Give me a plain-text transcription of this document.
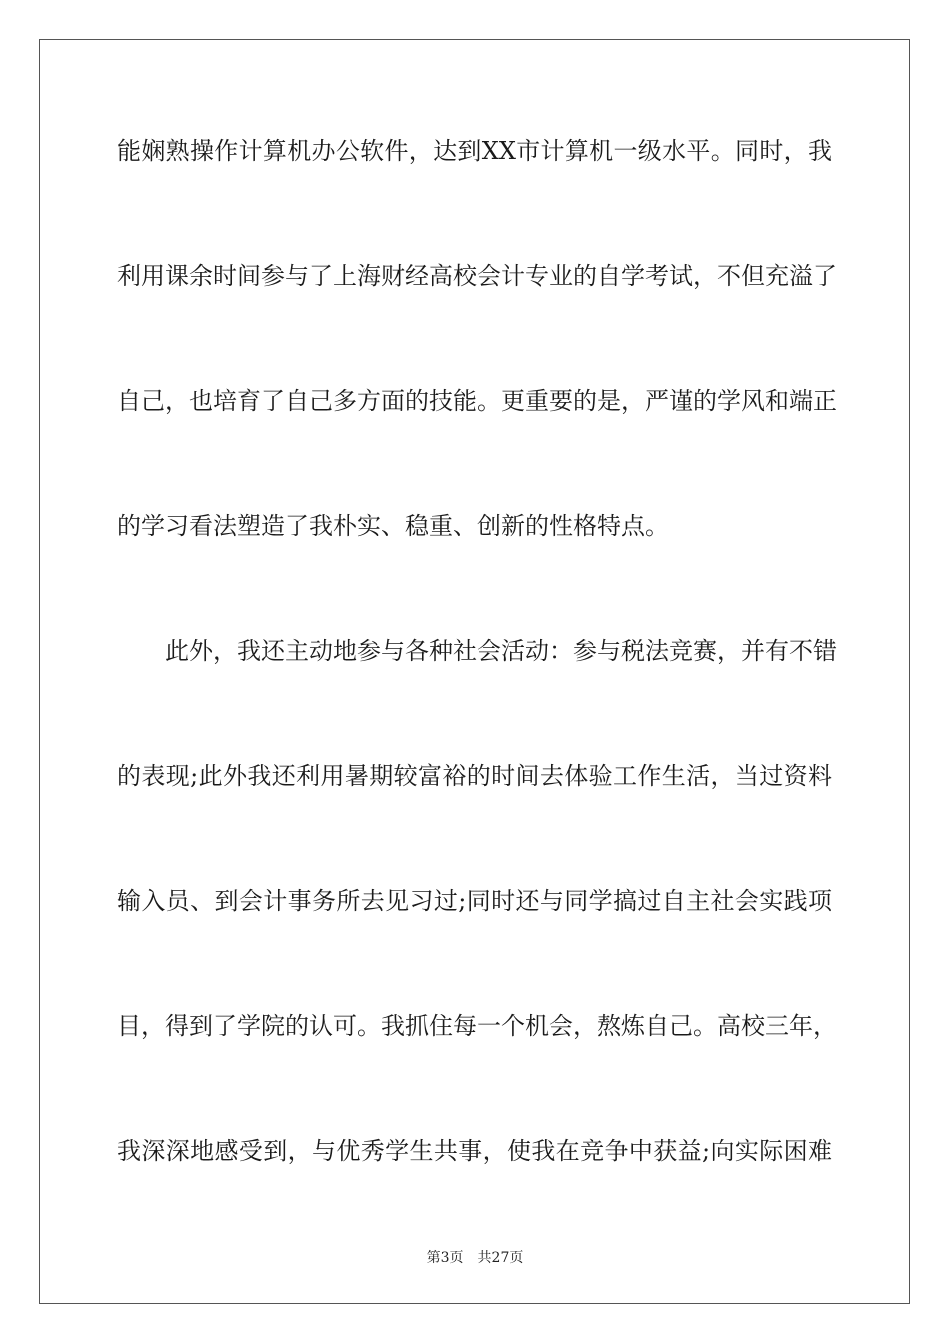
能娴熟操作计算机办公软件，达到XX市计算机一级水平。同时，我
利用课余时间参与了上海财经高校会计专业的自学考试，不但充溢了
自己，也培育了自己多方面的技能。更重要的是，严谨的学风和端正
的学习看法塑造了我朴实、稳重、创新的性格特点。
此外，我还主动地参与各种社会活动：参与税法竞赛，并有不错
的表现;此外我还利用暑期较富裕的时间去体验工作生活，当过资料
输入员、到会计事务所去见习过;同时还与同学搞过自主社会实践项
目，得到了学院的认可。我抓住每一个机会，熬炼自己。高校三年，
我深深地感受到，与优秀学生共事，使我在竞争中获益;向实际困难
第3页 共27页
